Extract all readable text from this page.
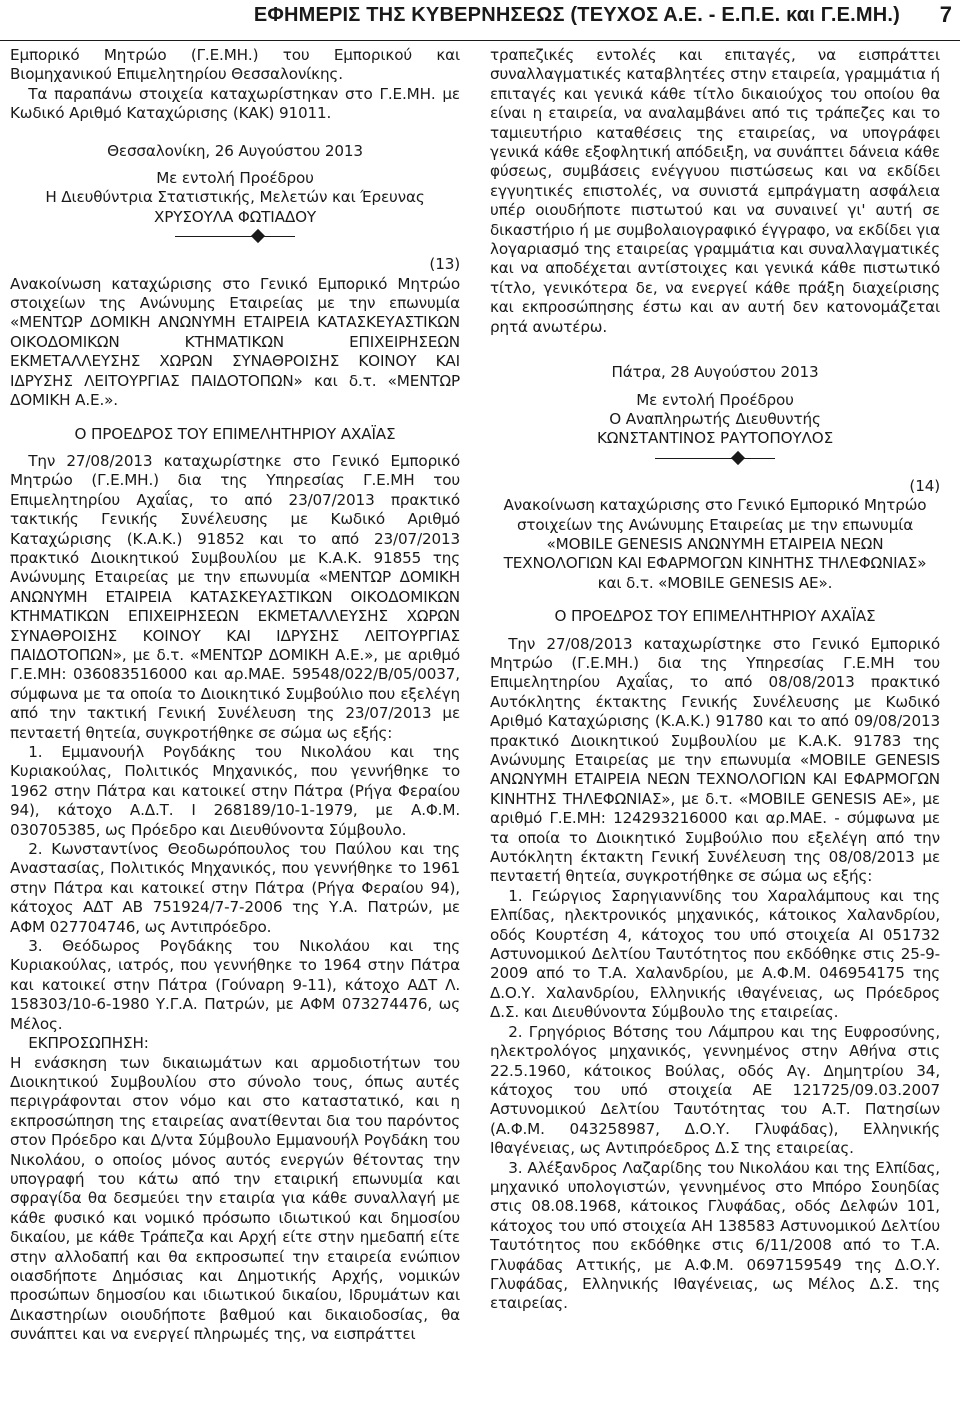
ΕΦΗΜΕΡΙΣ ΤΗΣ ΚΥΒΕΡΝΗΣΕΩΣ (ΤΕΥΧΟΣ Α.Ε. - Ε.Π.Ε. και Γ.Ε.ΜΗ.) 7

Εμπορικό Μητρώο (Γ.Ε.ΜΗ.) του Εμπορικού και Βιομηχανικού Επιμελητηρίου Θεσσαλονίκης.

Τα παραπάνω στοιχεία καταχωρίστηκαν στο Γ.Ε.ΜΗ. με Κωδικό Αριθμό Καταχώρισης (ΚΑΚ) 91011.

Θεσσαλονίκη, 26 Αυγούστου 2013
Με εντολή Προέδρου
Η Διευθύντρια Στατιστικής, Μελετών και Έρευνας
ΧΡΥΣΟΥΛΑ ΦΩΤΙΑΔΟΥ
(13)

Ανακοίνωση καταχώρισης στο Γενικό Εμπορικό Μητρώο στοιχείων της Ανώνυμης Εταιρείας με την επωνυμία «ΜΕΝΤΩΡ ΔΟΜΙΚΗ ΑΝΩΝΥΜΗ ΕΤΑΙΡΕΙΑ ΚΑΤΑΣΚΕΥΑΣΤΙΚΩΝ ΟΙΚΟΔΟΜΙΚΩΝ ΚΤΗΜΑΤΙΚΩΝ ΕΠΙΧΕΙΡΗΣΕΩΝ ΕΚΜΕΤΑΛΛΕΥΣΗΣ ΧΩΡΩΝ ΣΥΝΑΘΡΟΙΣΗΣ ΚΟΙΝΟΥ ΚΑΙ ΙΔΡΥΣΗΣ ΛΕΙΤΟΥΡΓΙΑΣ ΠΑΙΔΟΤΟΠΩΝ» και δ.τ. «ΜΕΝΤΩΡ ΔΟΜΙΚΗ Α.Ε.».

Ο ΠΡΟΕΔΡΟΣ ΤΟΥ ΕΠΙΜΕΛΗΤΗΡΙΟΥ ΑΧΑΪΑΣ

Την 27/08/2013 καταχωρίστηκε στο Γενικό Εμπορικό Μητρώο (Γ.Ε.ΜΗ.) δια της Υπηρεσίας Γ.Ε.ΜΗ του Επιμελητηρίου Αχαΐας, το από 23/07/2013 πρακτικό τακτικής Γενικής Συνέλευσης με Κωδικό Αριθμό Καταχώρισης (Κ.Α.Κ.) 91852 και το από 23/07/2013 πρακτικό Διοικητικού Συμβουλίου με Κ.Α.Κ. 91855 της Ανώνυμης Εταιρείας με την επωνυμία «ΜΕΝΤΩΡ ΔΟΜΙΚΗ ΑΝΩΝΥΜΗ ΕΤΑΙΡΕΙΑ ΚΑΤΑΣΚΕΥΑΣΤΙΚΩΝ ΟΙΚΟΔΟΜΙΚΩΝ ΚΤΗΜΑΤΙΚΩΝ ΕΠΙΧΕΙΡΗΣΕΩΝ ΕΚΜΕΤΑΛΛΕΥΣΗΣ ΧΩΡΩΝ ΣΥΝΑΘΡΟΙΣΗΣ ΚΟΙΝΟΥ ΚΑΙ ΙΔΡΥΣΗΣ ΛΕΙΤΟΥΡΓΙΑΣ ΠΑΙΔΟΤΟΠΩΝ», με δ.τ. «ΜΕΝΤΩΡ ΔΟΜΙΚΗ Α.Ε.», με αριθμό Γ.Ε.ΜΗ: 036083516000 και αρ.ΜΑΕ. 59548/022/Β/05/0037, σύμφωνα με τα οποία το Διοικητικό Συμβούλιο που εξελέγη από την τακτική Γενική Συνέλευση της 23/07/2013 με πενταετή θητεία, συγκροτήθηκε σε σώμα ως εξής:

1. Εμμανουήλ Ρογδάκης του Νικολάου και της Κυριακούλας, Πολιτικός Μηχανικός, που γεννήθηκε το 1962 στην Πάτρα και κατοικεί στην Πάτρα (Ρήγα Φεραίου 94), κάτοχο Α.Δ.Τ. Ι 268189/10-1-1979, με Α.Φ.Μ. 030705385, ως Πρόεδρο και Διευθύνοντα Σύμβουλο.

2. Κωνσταντίνος Θεοδωρόπουλος του Παύλου και της Αναστασίας, Πολιτικός Μηχανικός, που γεννήθηκε το 1961 στην Πάτρα και κατοικεί στην Πάτρα (Ρήγα Φεραίου 94), κάτοχος ΑΔΤ ΑΒ 751924/7-7-2006 της Υ.Α. Πατρών, με ΑΦΜ 027704746, ως Αντιπρόεδρο.

3. Θεόδωρος Ρογδάκης του Νικολάου και της Κυριακούλας, ιατρός, που γεννήθηκε το 1964 στην Πάτρα και κατοικεί στην Πάτρα (Γούναρη 9-11), κάτοχο ΑΔΤ Λ. 158303/10-6-1980 Υ.Γ.Α. Πατρών, με ΑΦΜ 073274476, ως Μέλος.

ΕΚΠΡΟΣΩΠΗΣΗ:

Η ενάσκηση των δικαιωμάτων και αρμοδιοτήτων του Διοικητικού Συμβουλίου στο σύνολο τους, όπως αυτές περιγράφονται στον νόμο και στο καταστατικό, και η εκπροσώπηση της εταιρείας ανατίθενται δια του παρόντος στον Πρόεδρο και Δ/ντα Σύμβουλο Εμμανουήλ Ρογδάκη του Νικολάου, ο οποίος μόνος αυτός ενεργών θέτοντας την υπογραφή του κάτω από την εταιρική επωνυμία και σφραγίδα θα δεσμεύει την εταιρία για κάθε συναλλαγή με κάθε φυσικό και νομικό πρόσωπο ιδιωτικού και δημοσίου δικαίου, με κάθε Τράπεζα και Αρχή είτε στην ημεδαπή είτε στην αλλοδαπή και θα εκπροσωπεί την εταιρεία ενώπιον οιασδήποτε Δημόσιας και Δημοτικής Αρχής, νομικών προσώπων δημοσίου και ιδιωτικού δικαίου, Ιδρυμάτων και Δικαστηρίων οιουδήποτε βαθμού και δικαιοδοσίας, θα συνάπτει και να ενεργεί πληρωμές της, να εισπράττει

τραπεζικές εντολές και επιταγές, να εισπράττει συναλλαγματικές καταβλητέες στην εταιρεία, γραμμάτια ή επιταγές και γενικά κάθε τίτλο δικαιούχος του οποίου θα είναι η εταιρεία, να αναλαμβάνει από τις τράπεζες και το ταμιευτήριο καταθέσεις της εταιρείας, να υπογράφει γενικά κάθε εξοφλητική απόδειξη, να συνάπτει δάνεια κάθε φύσεως, συμβάσεις ενέγγυου πιστώσεως και να εκδίδει εγγυητικές επιστολές, να συνιστά εμπράγματη ασφάλεια υπέρ οιουδήποτε πιστωτού και να συναινεί γι' αυτή σε δικαστήριο ή με συμβολαιογραφικό έγγραφο, να εκδίδει για λογαριασμό της εταιρείας γραμμάτια και συναλλαγματικές και να αποδέχεται αντίστοιχες και γενικά κάθε πιστωτικό τίτλο, γενικότερα δε, να ενεργεί κάθε πράξη διαχείρισης και εκπροσώπησης έστω και αν αυτή δεν κατονομάζεται ρητά ανωτέρω.

Πάτρα, 28 Αυγούστου 2013
Με εντολή Προέδρου
Ο Αναπληρωτής Διευθυντής
ΚΩΝΣΤΑΝΤΙΝΟΣ ΡΑΥΤΟΠΟΥΛΟΣ
(14)

Ανακοίνωση καταχώρισης στο Γενικό Εμπορικό Μητρώο στοιχείων της Ανώνυμης Εταιρείας με την επωνυμία «MOBILE GENESIS ΑΝΩΝΥΜΗ ΕΤΑΙΡΕΙΑ ΝΕΩΝ ΤΕΧΝΟΛΟΓΙΩΝ ΚΑΙ ΕΦΑΡΜΟΓΩΝ ΚΙΝΗΤΗΣ ΤΗΛΕΦΩΝΙΑΣ» και δ.τ. «MOBILE GENESIS AE».

Ο ΠΡΟΕΔΡΟΣ ΤΟΥ ΕΠΙΜΕΛΗΤΗΡΙΟΥ ΑΧΑΪΑΣ

Την 27/08/2013 καταχωρίστηκε στο Γενικό Εμπορικό Μητρώο (Γ.Ε.ΜΗ.) δια της Υπηρεσίας Γ.Ε.ΜΗ του Επιμελητηρίου Αχαΐας, το από 08/08/2013 πρακτικό Αυτόκλητης έκτακτης Γενικής Συνέλευσης με Κωδικό Αριθμό Καταχώρισης (Κ.Α.Κ.) 91780 και το από 09/08/2013 πρακτικό Διοικητικού Συμβουλίου με Κ.Α.Κ. 91783 της Ανώνυμης Εταιρείας με την επωνυμία «MOBILE GENESIS ΑΝΩΝΥΜΗ ΕΤΑΙΡΕΙΑ ΝΕΩΝ ΤΕΧΝΟΛΟΓΙΩΝ ΚΑΙ ΕΦΑΡΜΟΓΩΝ ΚΙΝΗΤΗΣ ΤΗΛΕΦΩΝΙΑΣ», με δ.τ. «MOBILE GENESIS AE», με αριθμό Γ.Ε.ΜΗ: 124293216000 και αρ.ΜΑΕ. - σύμφωνα με τα οποία το Διοικητικό Συμβούλιο που εξελέγη από την Αυτόκλητη έκτακτη Γενική Συνέλευση της 08/08/2013 με πενταετή θητεία, συγκροτήθηκε σε σώμα ως εξής:

1. Γεώργιος Σαρηγιαννίδης του Χαραλάμπους και της Ελπίδας, ηλεκτρονικός μηχανικός, κάτοικος Χαλανδρίου, οδός Κουρτέση 4, κάτοχος του υπό στοιχεία ΑΙ 051732 Αστυνομικού Δελτίου Ταυτότητος που εκδόθηκε στις 25-9-2009 από το Τ.Α. Χαλανδρίου, με Α.Φ.Μ. 046954175 της Δ.Ο.Υ. Χαλανδρίου, Ελληνικής ιθαγένειας, ως Πρόεδρος Δ.Σ. και Διευθύνοντα Σύμβουλο της εταιρείας.

2. Γρηγόριος Βότσης του Λάμπρου και της Ευφροσύνης, ηλεκτρολόγος μηχανικός, γεννημένος στην Αθήνα στις 22.5.1960, κάτοικος Βούλας, οδός Αγ. Δημητρίου 34, κάτοχος του υπό στοιχεία ΑΕ 121725/09.03.2007 Αστυνομικού Δελτίου Ταυτότητας του Α.Τ. Πατησίων (Α.Φ.Μ. 043258987, Δ.Ο.Υ. Γλυφάδας), Ελληνικής Ιθαγένειας, ως Αντιπρόεδρος Δ.Σ της εταιρείας.

3. Αλέξανδρος Λαζαρίδης του Νικολάου και της Ελπίδας, μηχανικό υπολογιστών, γεννημένος στο Μπόρο Σουηδίας στις 08.08.1968, κάτοικος Γλυφάδας, οδός Δελφών 101, κάτοχος του υπό στοιχεία ΑΗ 138583 Αστυνομικού Δελτίου Ταυτότητος που εκδόθηκε στις 6/11/2008 από το Τ.Α. Γλυφάδας Αττικής, με Α.Φ.Μ. 0697159549 της Δ.Ο.Υ. Γλυφάδας, Ελληνικής Ιθαγένειας, ως Μέλος Δ.Σ. της εταιρείας.
